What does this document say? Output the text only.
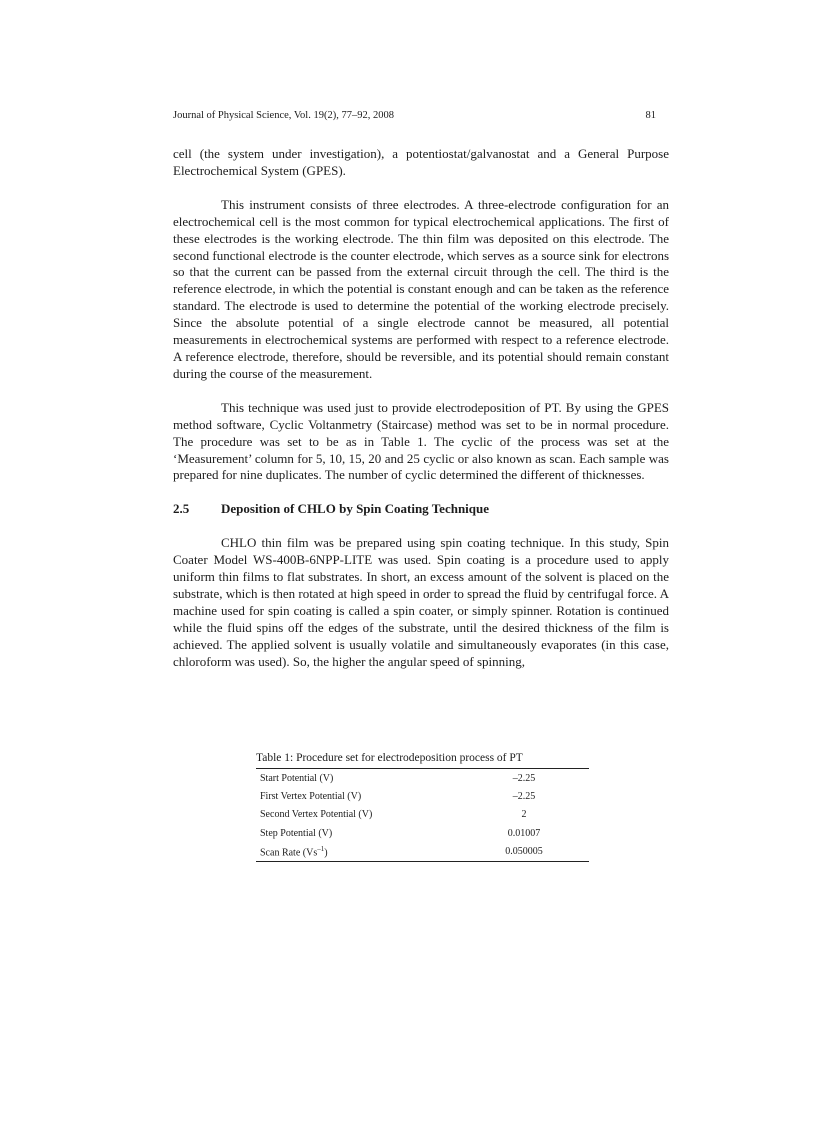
Journal of Physical Science, Vol. 19(2), 77–92, 2008	81

cell (the system under investigation), a potentiostat/galvanostat and a General Purpose Electrochemical System (GPES).

This instrument consists of three electrodes. A three-electrode configuration for an electrochemical cell is the most common for typical electrochemical applications. The first of these electrodes is the working electrode. The thin film was deposited on this electrode. The second functional electrode is the counter electrode, which serves as a source sink for electrons so that the current can be passed from the external circuit through the cell. The third is the reference electrode, in which the potential is constant enough and can be taken as the reference standard. The electrode is used to determine the potential of the working electrode precisely. Since the absolute potential of a single electrode cannot be measured, all potential measurements in electrochemical systems are performed with respect to a reference electrode. A reference electrode, therefore, should be reversible, and its potential should remain constant during the course of the measurement.

This technique was used just to provide electrodeposition of PT. By using the GPES method software, Cyclic Voltanmetry (Staircase) method was set to be in normal procedure. The procedure was set to be as in Table 1. The cyclic of the process was set at the ‘Measurement’ column for 5, 10, 15, 20 and 25 cyclic or also known as scan. Each sample was prepared for nine duplicates. The number of cyclic determined the different of thicknesses.

2.5	Deposition of CHLO by Spin Coating Technique

CHLO thin film was be prepared using spin coating technique. In this study, Spin Coater Model WS-400B-6NPP-LITE was used. Spin coating is a procedure used to apply uniform thin films to flat substrates. In short, an excess amount of the solvent is placed on the substrate, which is then rotated at high speed in order to spread the fluid by centrifugal force. A machine used for spin coating is called a spin coater, or simply spinner. Rotation is continued while the fluid spins off the edges of the substrate, until the desired thickness of the film is achieved. The applied solvent is usually volatile and simultaneously evaporates (in this case, chloroform was used). So, the higher the angular speed of spinning,

Table 1: Procedure set for electrodeposition process of PT
Start Potential (V)	–2.25
First Vertex Potential (V)	–2.25
Second Vertex Potential (V)	2
Step Potential (V)	0.01007
Scan Rate $(Vs^{-1})$	0.050005
